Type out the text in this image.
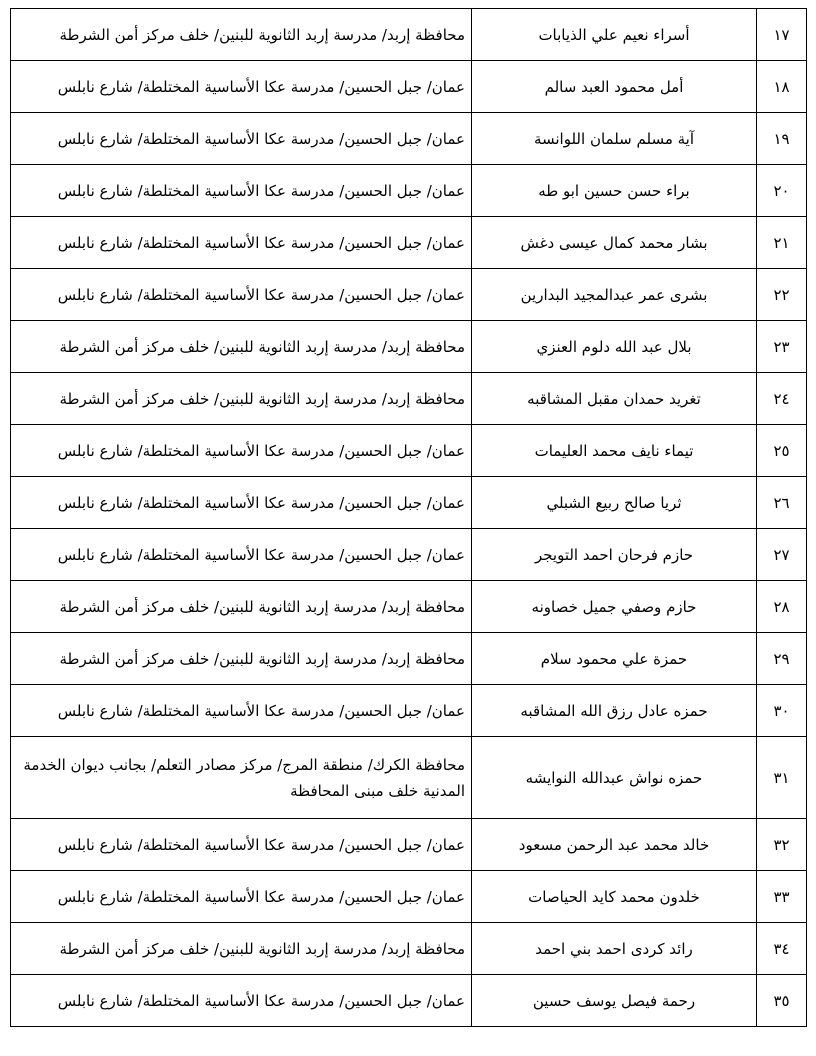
١٧	أسراء نعيم علي الذيابات	محافظة إربد/ مدرسة إربد الثانوية للبنين/ خلف مركز أمن الشرطة
١٨	أمل محمود العبد سالم	عمان/ جبل الحسين/ مدرسة عكا الأساسية المختلطة/ شارع نابلس
١٩	آية مسلم سلمان اللوانسة	عمان/ جبل الحسين/ مدرسة عكا الأساسية المختلطة/ شارع نابلس
٢٠	براء حسن حسين ابو طه	عمان/ جبل الحسين/ مدرسة عكا الأساسية المختلطة/ شارع نابلس
٢١	بشار محمد كمال عيسى دغش	عمان/ جبل الحسين/ مدرسة عكا الأساسية المختلطة/ شارع نابلس
٢٢	بشرى عمر عبدالمجيد البدارين	عمان/ جبل الحسين/ مدرسة عكا الأساسية المختلطة/ شارع نابلس
٢٣	بلال عبد الله دلوم العنزي	محافظة إربد/ مدرسة إربد الثانوية للبنين/ خلف مركز أمن الشرطة
٢٤	تغريد حمدان مقبل المشاقبه	محافظة إربد/ مدرسة إربد الثانوية للبنين/ خلف مركز أمن الشرطة
٢٥	تيماء نايف محمد العليمات	عمان/ جبل الحسين/ مدرسة عكا الأساسية المختلطة/ شارع نابلس
٢٦	ثريا صالح ربيع الشبلي	عمان/ جبل الحسين/ مدرسة عكا الأساسية المختلطة/ شارع نابلس
٢٧	حازم فرحان احمد التويجر	عمان/ جبل الحسين/ مدرسة عكا الأساسية المختلطة/ شارع نابلس
٢٨	حازم وصفي جميل خصاونه	محافظة إربد/ مدرسة إربد الثانوية للبنين/ خلف مركز أمن الشرطة
٢٩	حمزة علي محمود سلام	محافظة إربد/ مدرسة إربد الثانوية للبنين/ خلف مركز أمن الشرطة
٣٠	حمزه عادل رزق الله المشاقبه	عمان/ جبل الحسين/ مدرسة عكا الأساسية المختلطة/ شارع نابلس
٣١	حمزه نواش عبدالله النوايشه	محافظة الكرك/ منطقة المرج/ مركز مصادر التعلم/ بجانب ديوان الخدمة المدنية خلف مبنى المحافظة
٣٢	خالد محمد عبد الرحمن مسعود	عمان/ جبل الحسين/ مدرسة عكا الأساسية المختلطة/ شارع نابلس
٣٣	خلدون محمد كايد الحياصات	عمان/ جبل الحسين/ مدرسة عكا الأساسية المختلطة/ شارع نابلس
٣٤	رائد كردى احمد بني احمد	محافظة إربد/ مدرسة إربد الثانوية للبنين/ خلف مركز أمن الشرطة
٣٥	رحمة فيصل يوسف حسين	عمان/ جبل الحسين/ مدرسة عكا الأساسية المختلطة/ شارع نابلس
